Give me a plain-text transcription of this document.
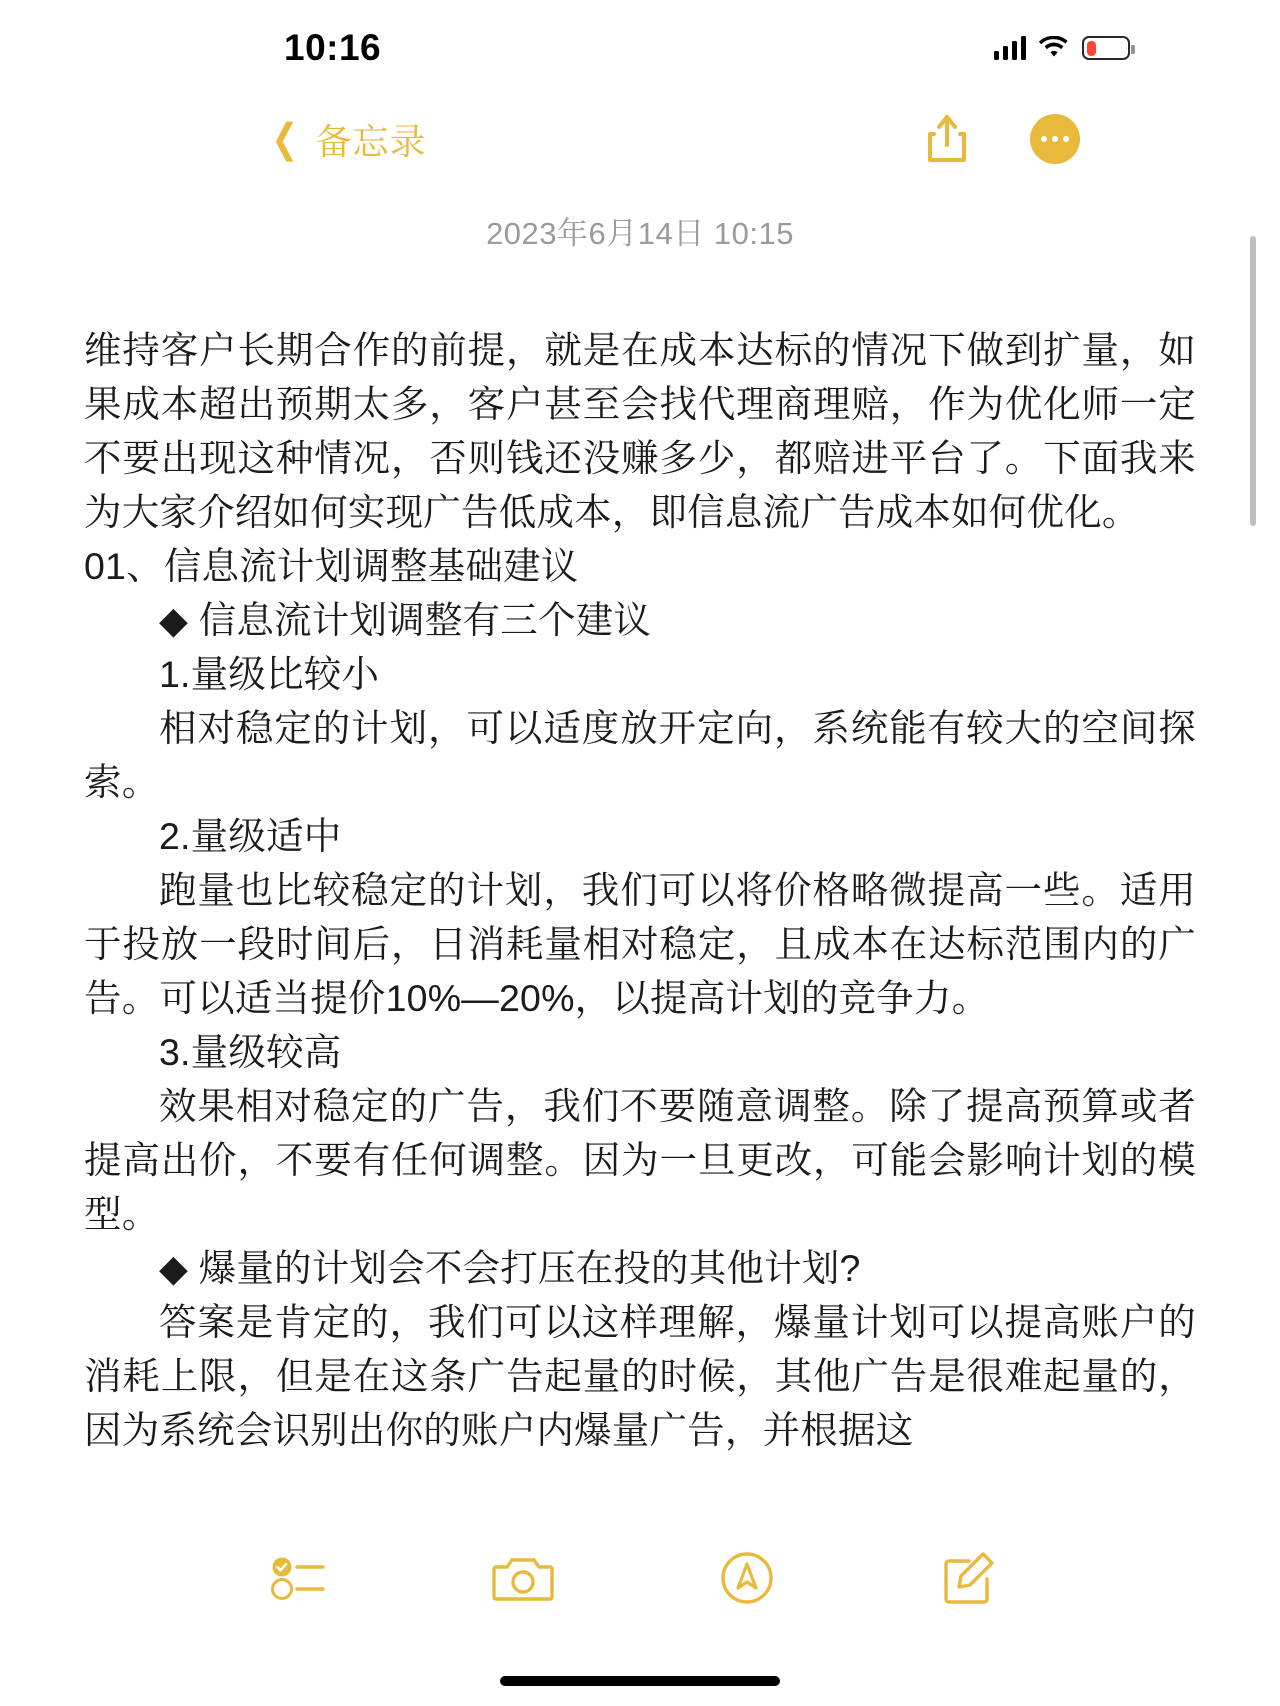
10:16
❮ 备忘录
2023年6月14日 10:15

维持客户长期合作的前提，就是在成本达标的情况下做到扩量，如果成本超出预期太多，客户甚至会找代理商理赔，作为优化师一定不要出现这种情况，否则钱还没赚多少，都赔进平台了。下面我来为大家介绍如何实现广告低成本，即信息流广告成本如何优化。

01、信息流计划调整基础建议

◆ 信息流计划调整有三个建议

1.量级比较小

相对稳定的计划，可以适度放开定向，系统能有较大的空间探索。

2.量级适中

跑量也比较稳定的计划，我们可以将价格略微提高一些。适用于投放一段时间后，日消耗量相对稳定，且成本在达标范围内的广告。可以适当提价10%—20%，以提高计划的竞争力。

3.量级较高

效果相对稳定的广告，我们不要随意调整。除了提高预算或者提高出价，不要有任何调整。因为一旦更改，可能会影响计划的模型。

◆ 爆量的计划会不会打压在投的其他计划?

答案是肯定的，我们可以这样理解，爆量计划可以提高账户的消耗上限，但是在这条广告起量的时候，其他广告是很难起量的，因为系统会识别出你的账户内爆量广告，并根据这
